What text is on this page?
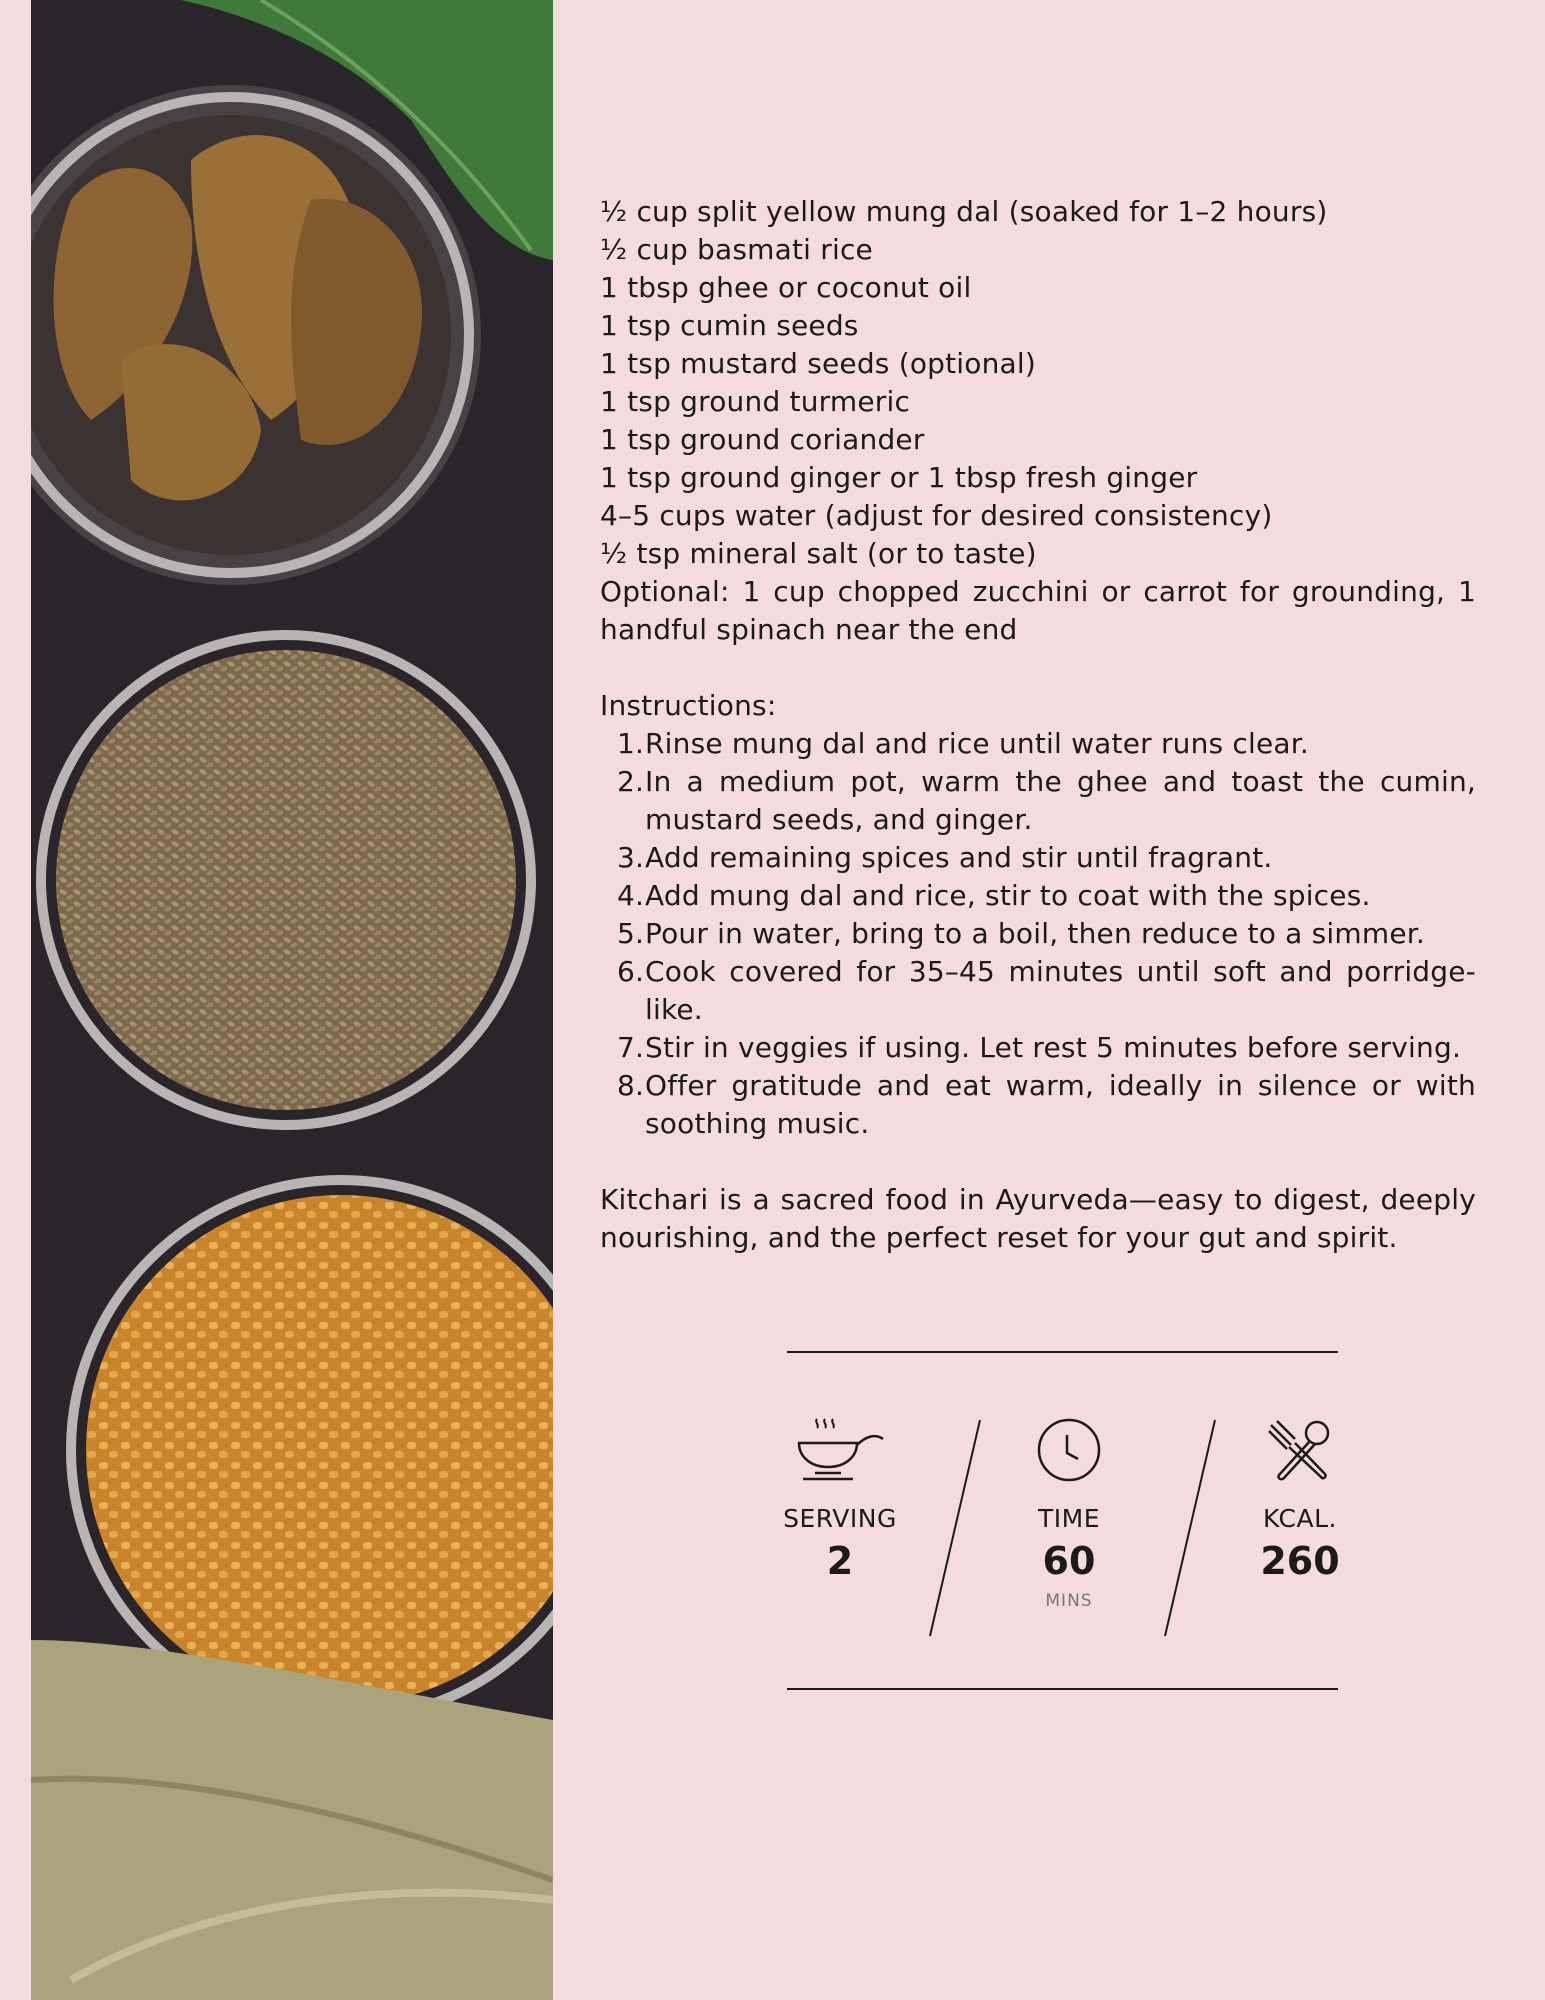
½ cup split yellow mung dal (soaked for 1–2 hours)
½ cup basmati rice
1 tbsp ghee or coconut oil
1 tsp cumin seeds
1 tsp mustard seeds (optional)
1 tsp ground turmeric
1 tsp ground coriander
1 tsp ground ginger or 1 tbsp fresh ginger
4–5 cups water (adjust for desired consistency)
½ tsp mineral salt (or to taste)
Optional: 1 cup chopped zucchini or carrot for grounding, 1 handful spinach near the end
Instructions:
1. Rinse mung dal and rice until water runs clear.
2. In a medium pot, warm the ghee and toast the cumin, mustard seeds, and ginger.
3. Add remaining spices and stir until fragrant.
4. Add mung dal and rice, stir to coat with the spices.
5. Pour in water, bring to a boil, then reduce to a simmer.
6. Cook covered for 35–45 minutes until soft and porridge-like.
7. Stir in veggies if using. Let rest 5 minutes before serving.
8. Offer gratitude and eat warm, ideally in silence or with soothing music.
Kitchari is a sacred food in Ayurveda—easy to digest, deeply nourishing, and the perfect reset for your gut and spirit.
SERVING
2
TIME
60
MINS
KCAL.
260
